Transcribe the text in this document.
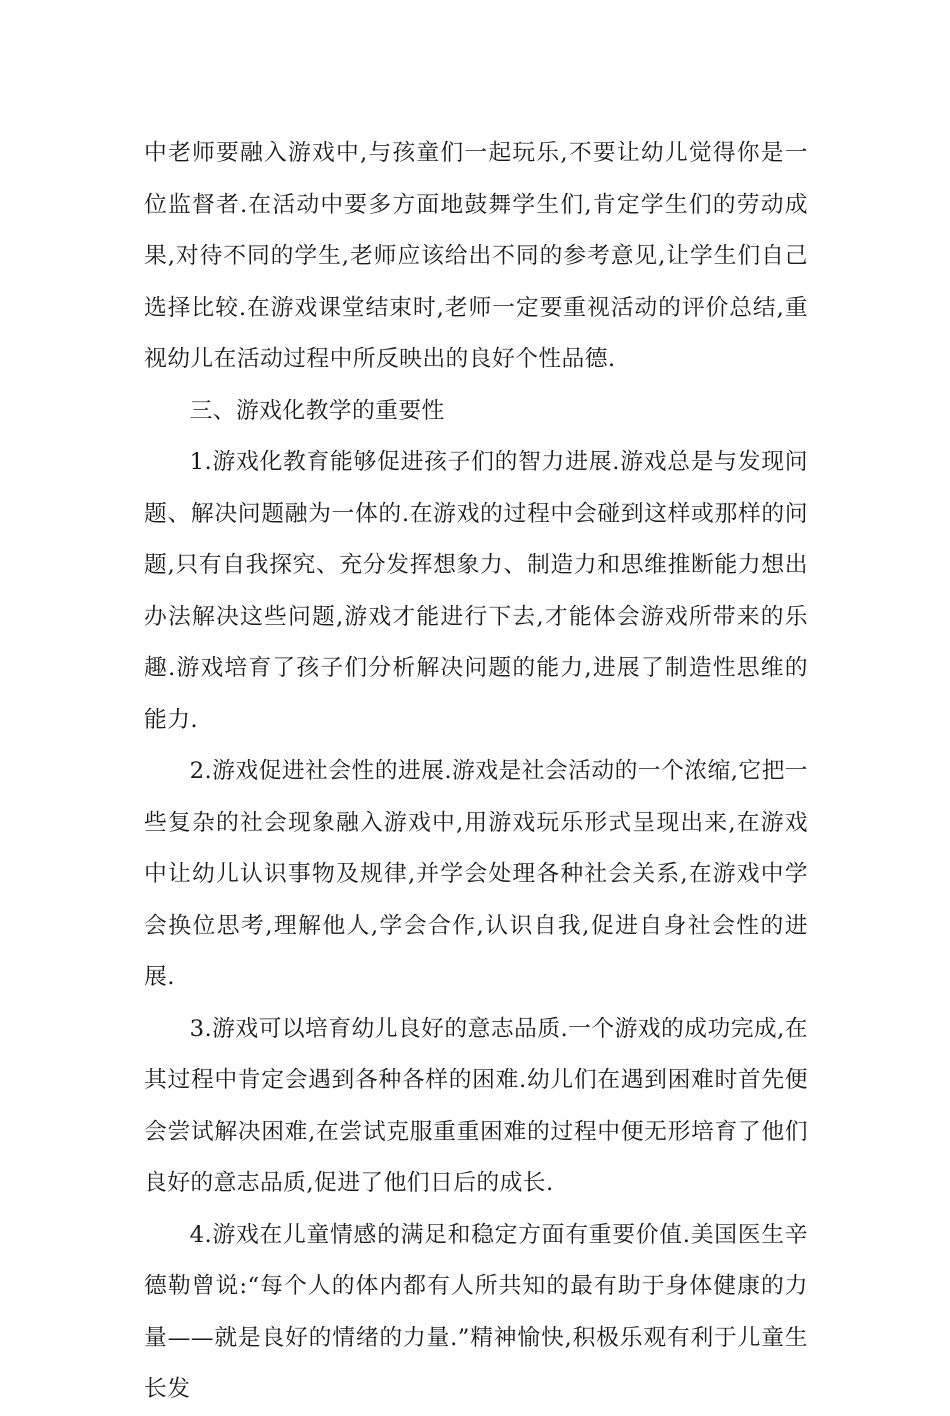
中老师要融入游戏中,与孩童们一起玩乐,不要让幼儿觉得你是一位监督者.在活动中要多方面地鼓舞学生们,肯定学生们的劳动成果,对待不同的学生,老师应该给出不同的参考意见,让学生们自己选择比较.在游戏课堂结束时,老师一定要重视活动的评价总结,重视幼儿在活动过程中所反映出的良好个性品德.

三、游戏化教学的重要性

1.游戏化教育能够促进孩子们的智力进展.游戏总是与发现问题、解决问题融为一体的.在游戏的过程中会碰到这样或那样的问题,只有自我探究、充分发挥想象力、制造力和思维推断能力想出办法解决这些问题,游戏才能进行下去,才能体会游戏所带来的乐趣.游戏培育了孩子们分析解决问题的能力,进展了制造性思维的能力.

2.游戏促进社会性的进展.游戏是社会活动的一个浓缩,它把一些复杂的社会现象融入游戏中,用游戏玩乐形式呈现出来,在游戏中让幼儿认识事物及规律,并学会处理各种社会关系,在游戏中学会换位思考,理解他人,学会合作,认识自我,促进自身社会性的进展.

3.游戏可以培育幼儿良好的意志品质.一个游戏的成功完成,在其过程中肯定会遇到各种各样的困难.幼儿们在遇到困难时首先便会尝试解决困难,在尝试克服重重困难的过程中便无形培育了他们良好的意志品质,促进了他们日后的成长.

4.游戏在儿童情感的满足和稳定方面有重要价值.美国医生辛德勒曾说:“每个人的体内都有人所共知的最有助于身体健康的力量——就是良好的情绪的力量.”精神愉快,积极乐观有利于儿童生长发
